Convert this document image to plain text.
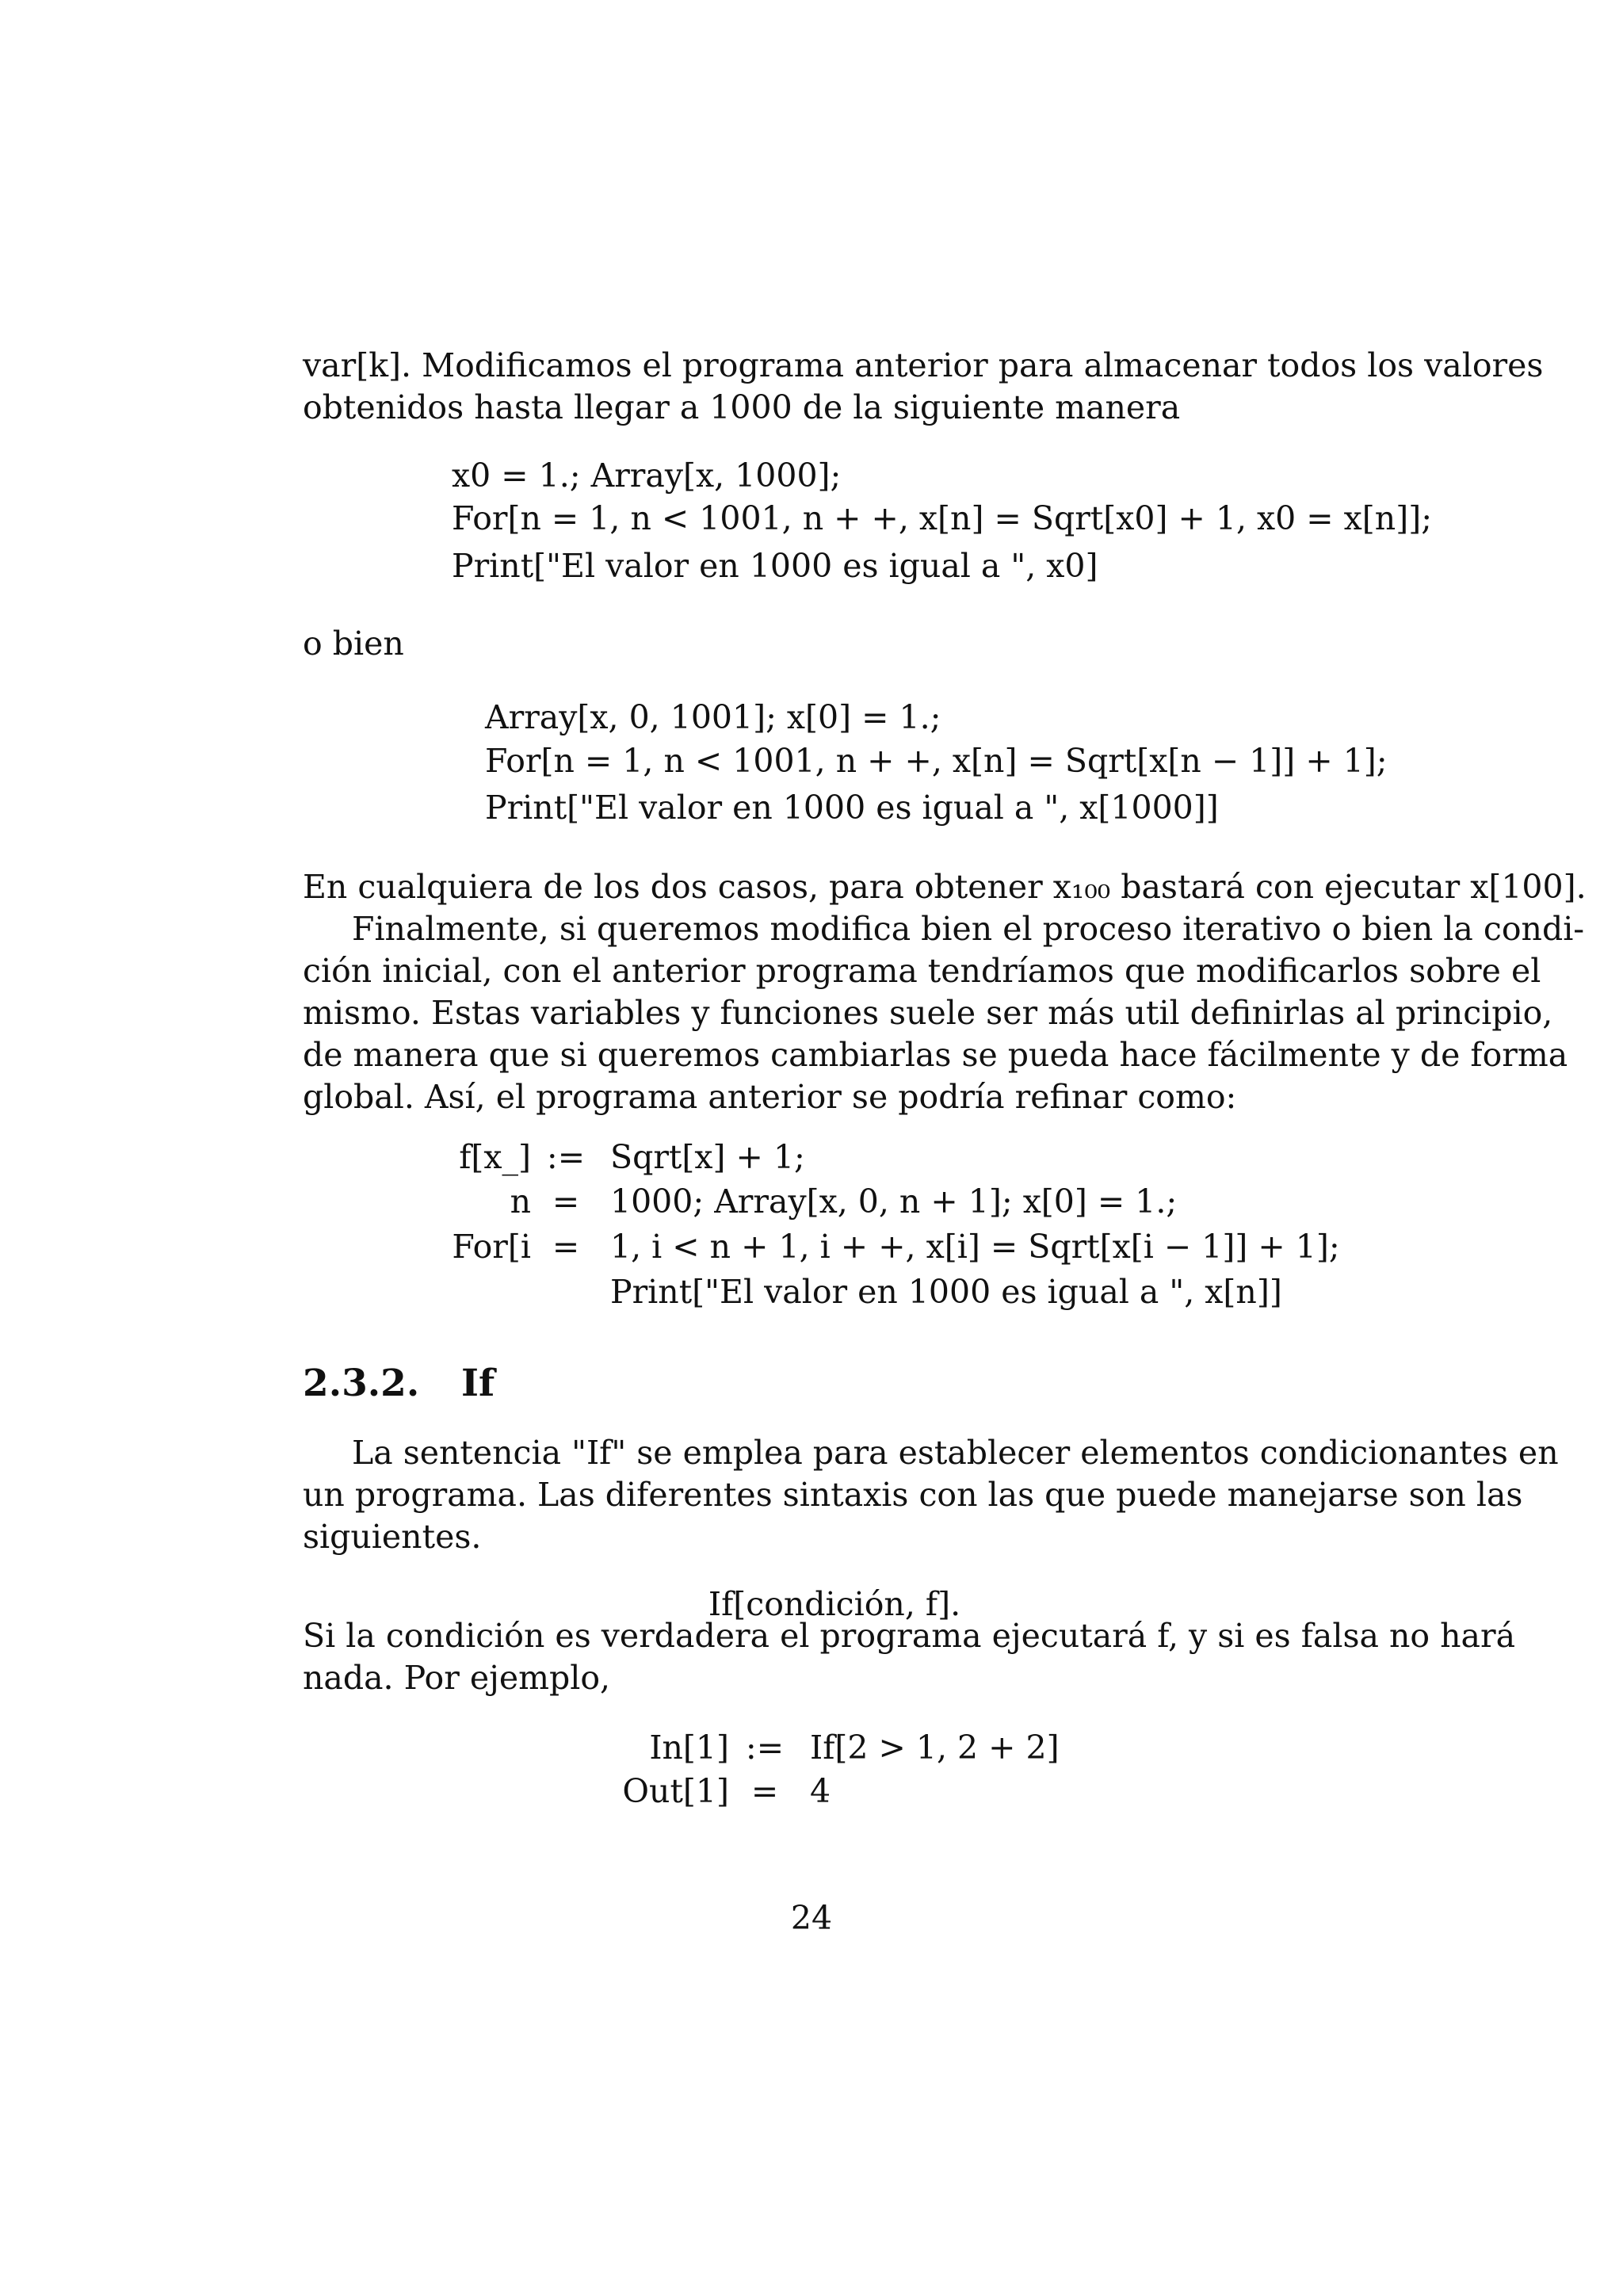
var[k]. Modificamos el programa anterior para almacenar todos los valores

obtenidos hasta llegar a 1000 de la siguiente manera

x0 = 1.; Array[x, 1000];

For[n = 1, n < 1001, n + +, x[n] = Sqrt[x0] + 1, x0 = x[n]];

Print["El valor en 1000 es igual a ", x0]

o bien

Array[x, 0, 1001]; x[0] = 1.;

For[n = 1, n < 1001, n + +, x[n] = Sqrt[x[n − 1]] + 1];

Print["El valor en 1000 es igual a ", x[1000]]

En cualquiera de los dos casos, para obtener x₁₀₀ bastará con ejecutar x[100].

Finalmente, si queremos modifica bien el proceso iterativo o bien la condi-

ción inicial, con el anterior programa tendríamos que modificarlos sobre el

mismo. Estas variables y funciones suele ser más util definirlas al principio,

de manera que si queremos cambiarlas se pueda hace fácilmente y de forma

global. Así, el programa anterior se podría refinar como:

f[x_] := Sqrt[x] + 1;

n = 1000; Array[x, 0, n + 1]; x[0] = 1.;

For[i = 1, i < n + 1, i + +, x[i] = Sqrt[x[i − 1]] + 1];

Print["El valor en 1000 es igual a ", x[n]]

2.3.2. If

La sentencia "If" se emplea para establecer elementos condicionantes en

un programa. Las diferentes sintaxis con las que puede manejarse son las

siguientes.

If[condición, f].

Si la condición es verdadera el programa ejecutará f, y si es falsa no hará

nada. Por ejemplo,

In[1] := If[2 > 1, 2 + 2]

Out[1] = 4

24
